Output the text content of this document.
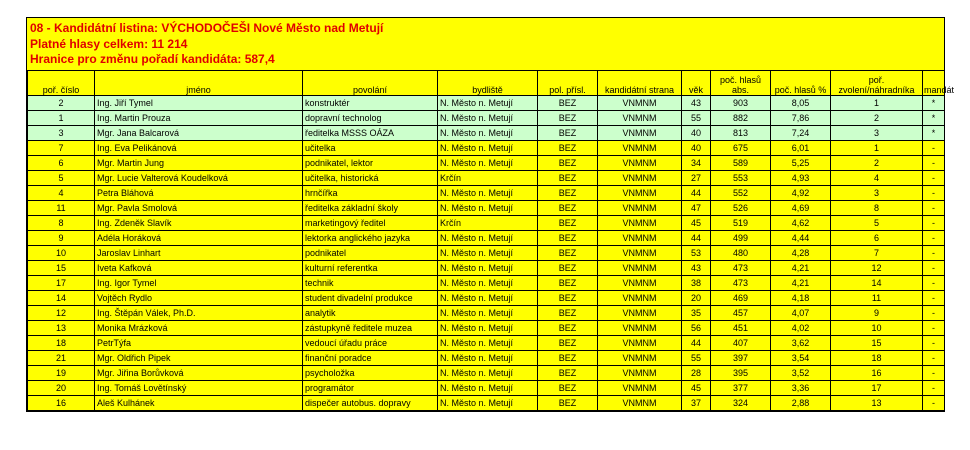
08 - Kandidátní listina: VÝCHODOČEŠI Nové Město nad Metují
Platné hlasy celkem: 11 214
Hranice pro změnu pořadí kandidáta: 587,4
poř. číslo	jméno	povolání	bydliště	pol. přísl.	kandidátní strana	věk	poč. hlasů abs.	poč. hlasů %	poř. zvolení/náhradníka	mandát
2	Ing. Jiří Tymel	konstruktér	N. Město n. Metují	BEZ	VNMNM	43	903	8,05	1	*
1	Ing. Martin Prouza	dopravní technolog	N. Město n. Metují	BEZ	VNMNM	55	882	7,86	2	*
3	Mgr. Jana Balcarová	ředitelka MSSS OÁZA	N. Město n. Metují	BEZ	VNMNM	40	813	7,24	3	*
7	Ing. Eva Pelikánová	učitelka	N. Město n. Metují	BEZ	VNMNM	40	675	6,01	1	-
6	Mgr. Martin Jung	podnikatel, lektor	N. Město n. Metují	BEZ	VNMNM	34	589	5,25	2	-
5	Mgr. Lucie Valterová Koudelková	učitelka, historická	Krčín	BEZ	VNMNM	27	553	4,93	4	-
4	Petra Bláhová	hrnčířka	N. Město n. Metují	BEZ	VNMNM	44	552	4,92	3	-
11	Mgr. Pavla Smolová	ředitelka základní školy	N. Město n. Metují	BEZ	VNMNM	47	526	4,69	8	-
8	Ing. Zdeněk Slavík	marketingový ředitel	Krčín	BEZ	VNMNM	45	519	4,62	5	-
9	Adéla Horáková	lektorka anglického jazyka	N. Město n. Metují	BEZ	VNMNM	44	499	4,44	6	-
10	Jaroslav Linhart	podnikatel	N. Město n. Metují	BEZ	VNMNM	53	480	4,28	7	-
15	Iveta Kafková	kulturní referentka	N. Město n. Metují	BEZ	VNMNM	43	473	4,21	12	-
17	Ing. Igor Tymel	technik	N. Město n. Metují	BEZ	VNMNM	38	473	4,21	14	-
14	Vojtěch Rydlo	student divadelní produkce	N. Město n. Metují	BEZ	VNMNM	20	469	4,18	11	-
12	Ing. Štěpán Válek, Ph.D.	analytik	N. Město n. Metují	BEZ	VNMNM	35	457	4,07	9	-
13	Monika Mrázková	zástupkyně ředitele muzea	N. Město n. Metují	BEZ	VNMNM	56	451	4,02	10	-
18	PetrTýfa	vedoucí úřadu práce	N. Město n. Metují	BEZ	VNMNM	44	407	3,62	15	-
21	Mgr. Oldřich Pipek	finanční poradce	N. Město n. Metují	BEZ	VNMNM	55	397	3,54	18	-
19	Mgr. Jiřina Borůvková	psycholožka	N. Město n. Metují	BEZ	VNMNM	28	395	3,52	16	-
20	Ing. Tomáš Lovětínský	programátor	N. Město n. Metují	BEZ	VNMNM	45	377	3,36	17	-
16	Aleš Kulhánek	dispečer autobus. dopravy	N. Město n. Metují	BEZ	VNMNM	37	324	2,88	13	-
